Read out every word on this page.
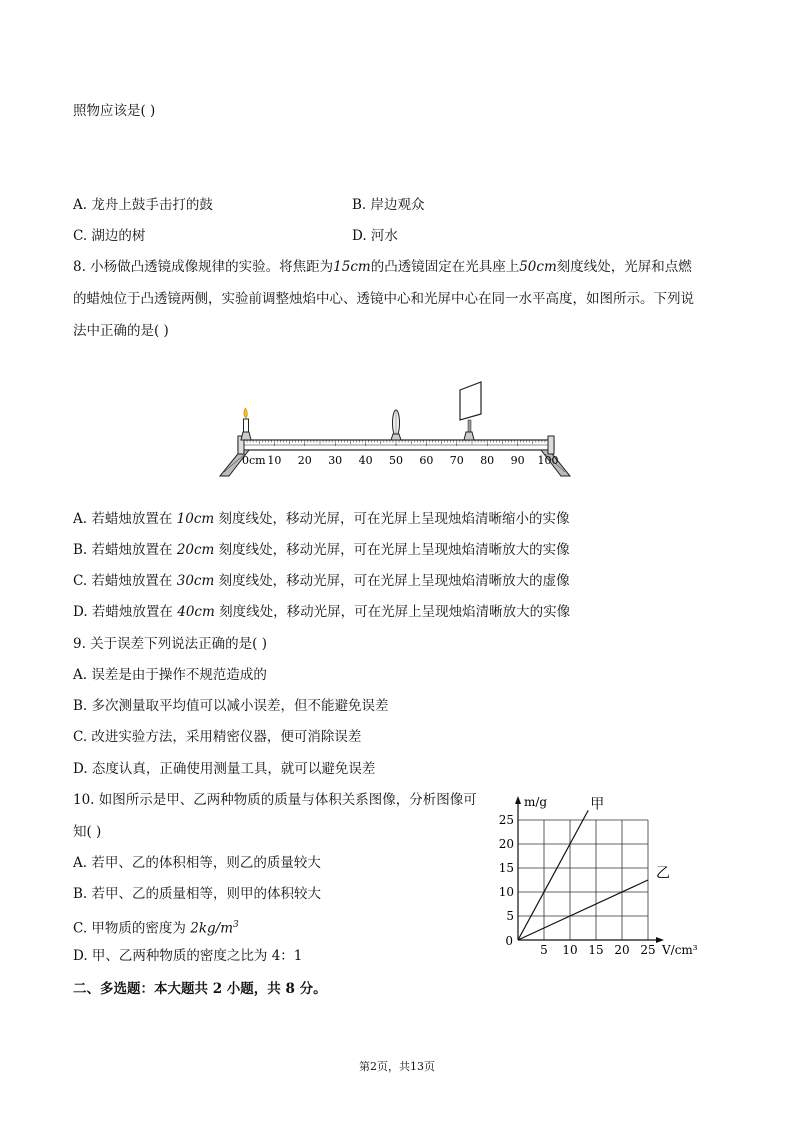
照物应该是( )
A. 龙舟上鼓手击打的鼓	B. 岸边观众
C. 湖边的树	D. 河水
8. 小杨做凸透镜成像规律的实验。将焦距为15cm的凸透镜固定在光具座上50cm刻度线处，光屏和点燃
的蜡烛位于凸透镜两侧，实验前调整烛焰中心、透镜中心和光屏中心在同一水平高度，如图所示。下列说
法中正确的是( )
0cm 10 20 30 40 50 60 70 80 90 100
A. 若蜡烛放置在 10cm 刻度线处，移动光屏，可在光屏上呈现烛焰清晰缩小的实像
B. 若蜡烛放置在 20cm 刻度线处，移动光屏，可在光屏上呈现烛焰清晰放大的实像
C. 若蜡烛放置在 30cm 刻度线处，移动光屏，可在光屏上呈现烛焰清晰放大的虚像
D. 若蜡烛放置在 40cm 刻度线处，移动光屏，可在光屏上呈现烛焰清晰放大的实像
9. 关于误差下列说法正确的是( )
A. 误差是由于操作不规范造成的
B. 多次测量取平均值可以减小误差，但不能避免误差
C. 改进实验方法，采用精密仪器，便可消除误差
D. 态度认真，正确使用测量工具，就可以避免误差
10. 如图所示是甲、乙两种物质的质量与体积关系图像，分析图像可
知( )
A. 若甲、乙的体积相等，则乙的质量较大
B. 若甲、乙的质量相等，则甲的体积较大
C. 甲物质的密度为 $2kg/m^3$
D. 甲、乙两种物质的密度之比为 4：1	5 10 15 20 25
5
10
15
20
25
0
m/g
V/cm³
甲
乙
二、多选题：本大题共 2 小题，共 8 分。
第2页，共13页
